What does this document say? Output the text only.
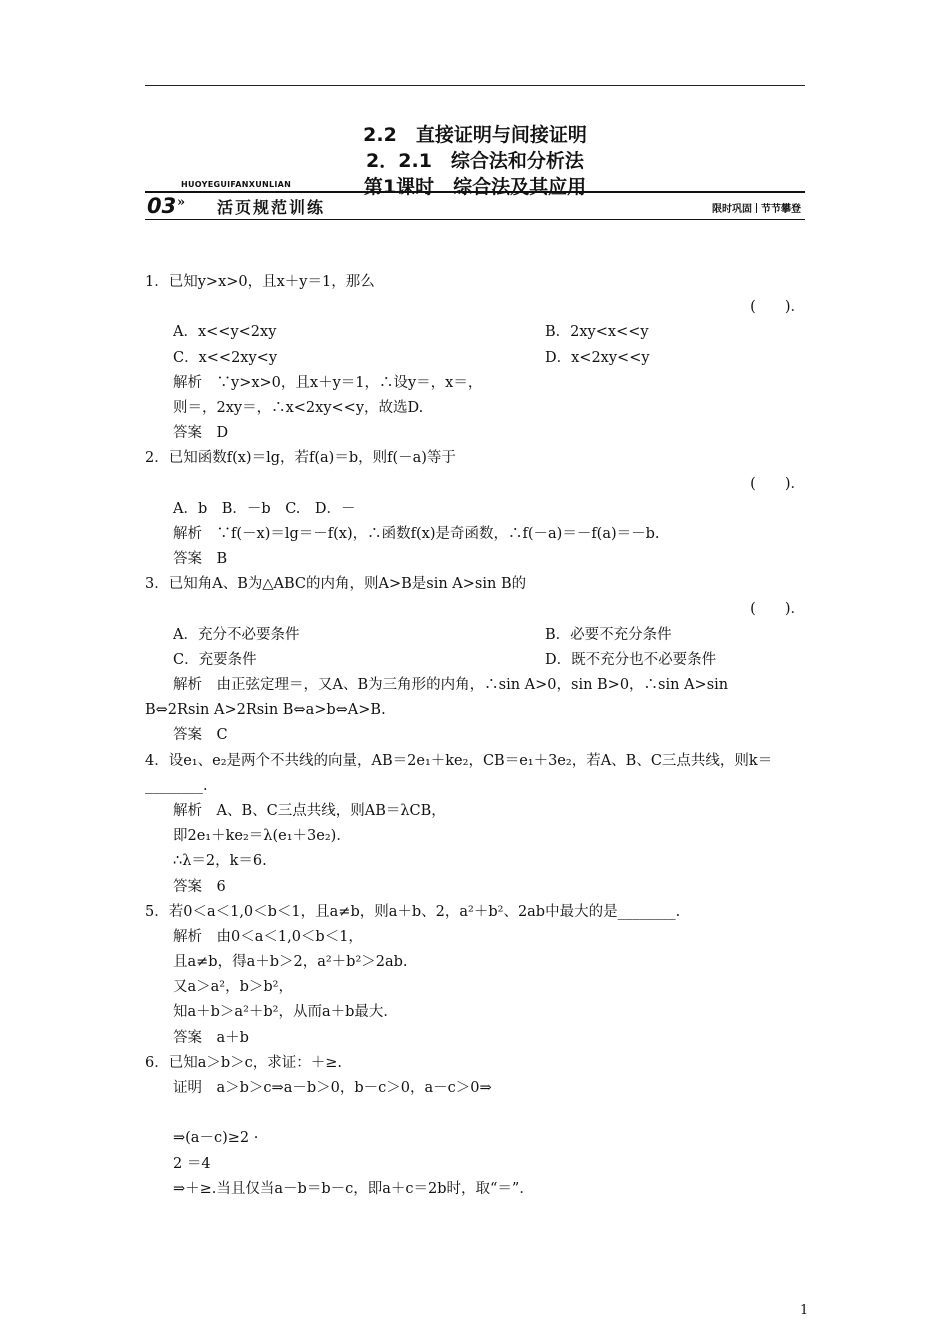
2.2　直接证明与间接证明
2．2.1　综合法和分析法
第1课时　综合法及其应用
HUOYEGUIFANXUNLIAN
03 » 活页规范训练	限时巩固 节节攀登
1．已知y>x>0，且x＋y＝1，那么
(　　)．
A．x<<y<2xy	B．2xy<x<<y
C．x<<2xy<y	D．x<2xy<<y
解析　∵y>x>0，且x＋y＝1，∴设y＝，x＝，
则＝，2xy＝，∴x<2xy<<y，故选D.
答案　D
2．已知函数f(x)＝lg，若f(a)＝b，则f(－a)等于
(　　)．
A．b　B．－b　C.　D．－
解析　∵f(－x)＝lg＝－f(x)，∴函数f(x)是奇函数，∴f(－a)＝－f(a)＝－b.
答案　B
3．已知角A、B为△ABC的内角，则A>B是sin A>sin B的
(　　)．
A．充分不必要条件	B．必要不充分条件
C．充要条件	D．既不充分也不必要条件
解析　由正弦定理＝，又A、B为三角形的内角，∴sin A>0，sin B>0，∴sin A>sin
B⇔2Rsin A>2Rsin B⇔a>b⇔A>B.
答案　C
4．设e₁、e₂是两个不共线的向量，AB＝2e₁＋ke₂，CB＝e₁＋3e₂，若A、B、C三点共线，则k＝
________.
解析　A、B、C三点共线，则AB＝λCB，
即2e₁＋ke₂＝λ(e₁＋3e₂)．
∴λ＝2，k＝6.
答案　6
5．若0＜a＜1,0＜b＜1，且a≠b，则a＋b、2，a²＋b²、2ab中最大的是________.
解析　由0＜a＜1,0＜b＜1，
且a≠b，得a＋b＞2，a²＋b²＞2ab.
又a＞a²，b＞b²，
知a＋b＞a²＋b²，从而a＋b最大．
答案　a＋b
6．已知a＞b＞c，求证：＋≥.
证明　a＞b＞c⇒a－b＞0，b－c＞0，a－c＞0⇒
⇒(a－c)≥2 ·
2 ＝4
⇒＋≥.当且仅当a－b＝b－c，即a＋c＝2b时，取“＝”．
1
